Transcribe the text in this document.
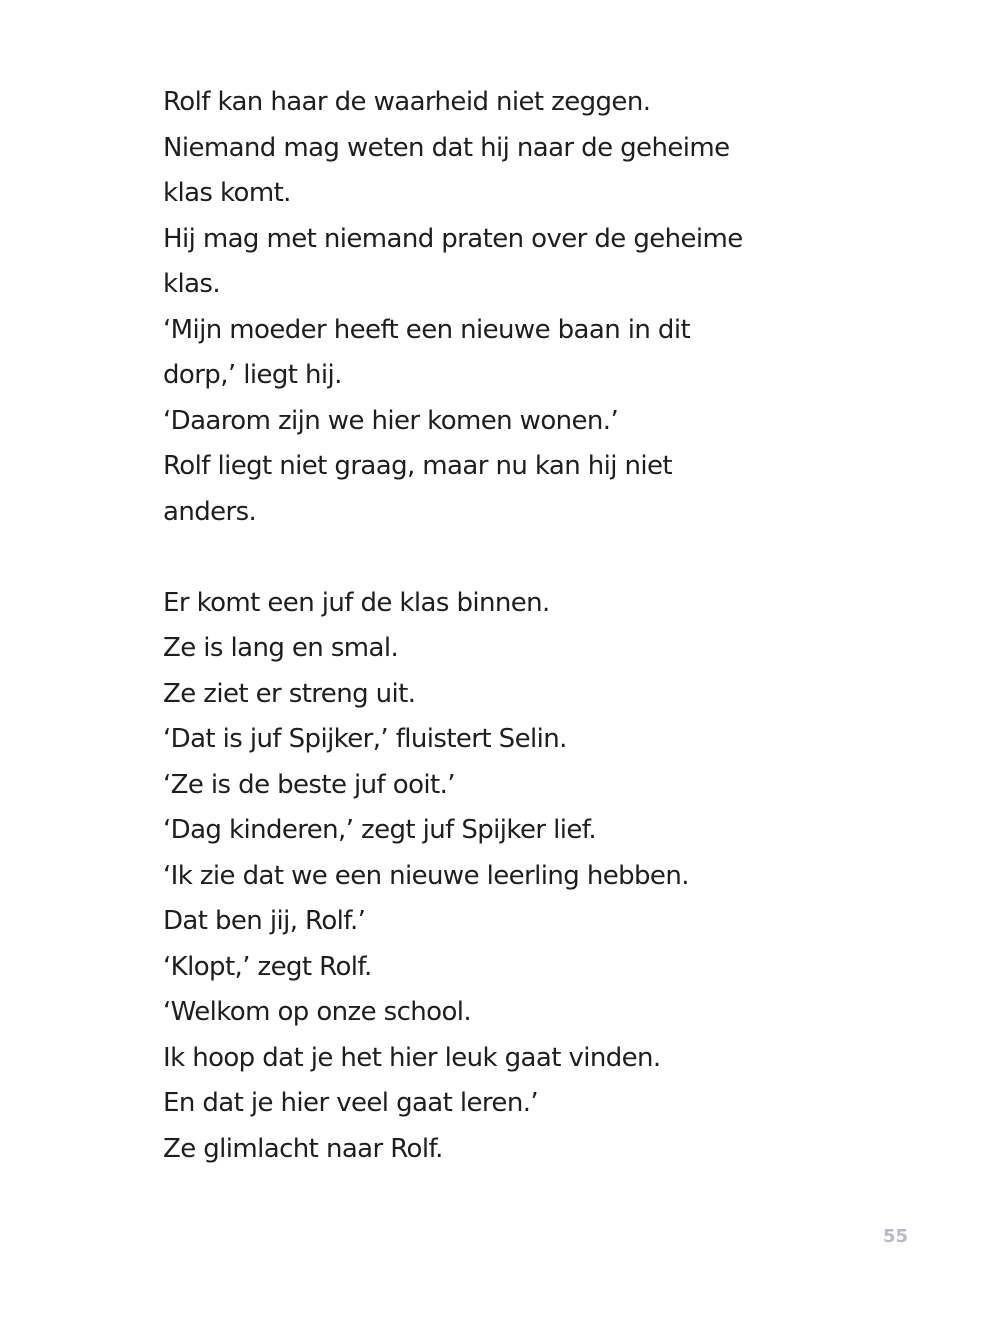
Rolf kan haar de waarheid niet zeggen.
Niemand mag weten dat hij naar de geheime
klas komt.
Hij mag met niemand praten over de geheime
klas.
‘Mijn moeder heeft een nieuwe baan in dit
dorp,’ liegt hij.
‘Daarom zijn we hier komen wonen.’
Rolf liegt niet graag, maar nu kan hij niet
anders.
Er komt een juf de klas binnen.
Ze is lang en smal.
Ze ziet er streng uit.
‘Dat is juf Spijker,’ fluistert Selin.
‘Ze is de beste juf ooit.’
‘Dag kinderen,’ zegt juf Spijker lief.
‘Ik zie dat we een nieuwe leerling hebben.
Dat ben jij, Rolf.’
‘Klopt,’ zegt Rolf.
‘Welkom op onze school.
Ik hoop dat je het hier leuk gaat vinden.
En dat je hier veel gaat leren.’
Ze glimlacht naar Rolf.
55
